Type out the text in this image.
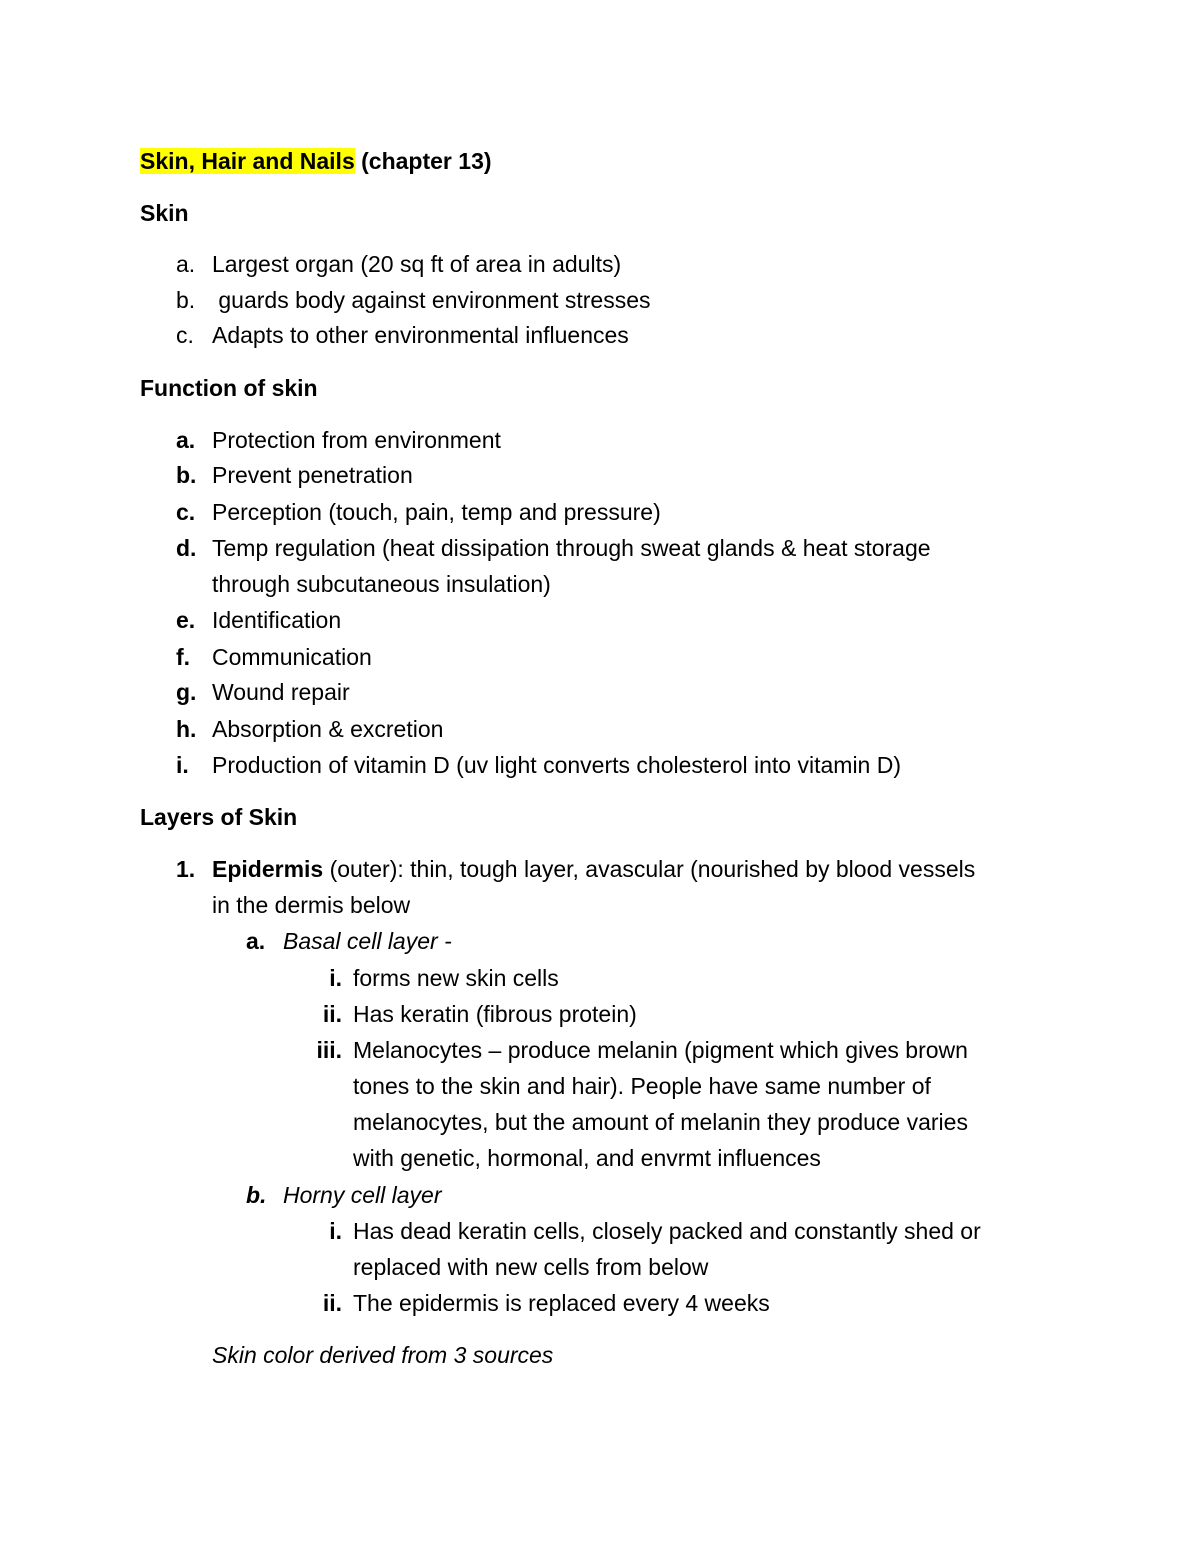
Skin, Hair and Nails (chapter 13)
Skin
a. Largest organ (20 sq ft of area in adults)
b. guards body against environment stresses
c. Adapts to other environmental influences
Function of skin
a. Protection from environment
b. Prevent penetration
c. Perception (touch, pain, temp and pressure)
d. Temp regulation (heat dissipation through sweat glands & heat storage
through subcutaneous insulation)
e. Identification
f. Communication
g. Wound repair
h. Absorption & excretion
i. Production of vitamin D (uv light converts cholesterol into vitamin D)
Layers of Skin
1. Epidermis (outer): thin, tough layer, avascular (nourished by blood vessels
in the dermis below
a. Basal cell layer -
i. forms new skin cells
ii. Has keratin (fibrous protein)
iii. Melanocytes – produce melanin (pigment which gives brown
tones to the skin and hair). People have same number of
melanocytes, but the amount of melanin they produce varies
with genetic, hormonal, and envrmt influences
b. Horny cell layer
i. Has dead keratin cells, closely packed and constantly shed or
replaced with new cells from below
ii. The epidermis is replaced every 4 weeks
Skin color derived from 3 sources
